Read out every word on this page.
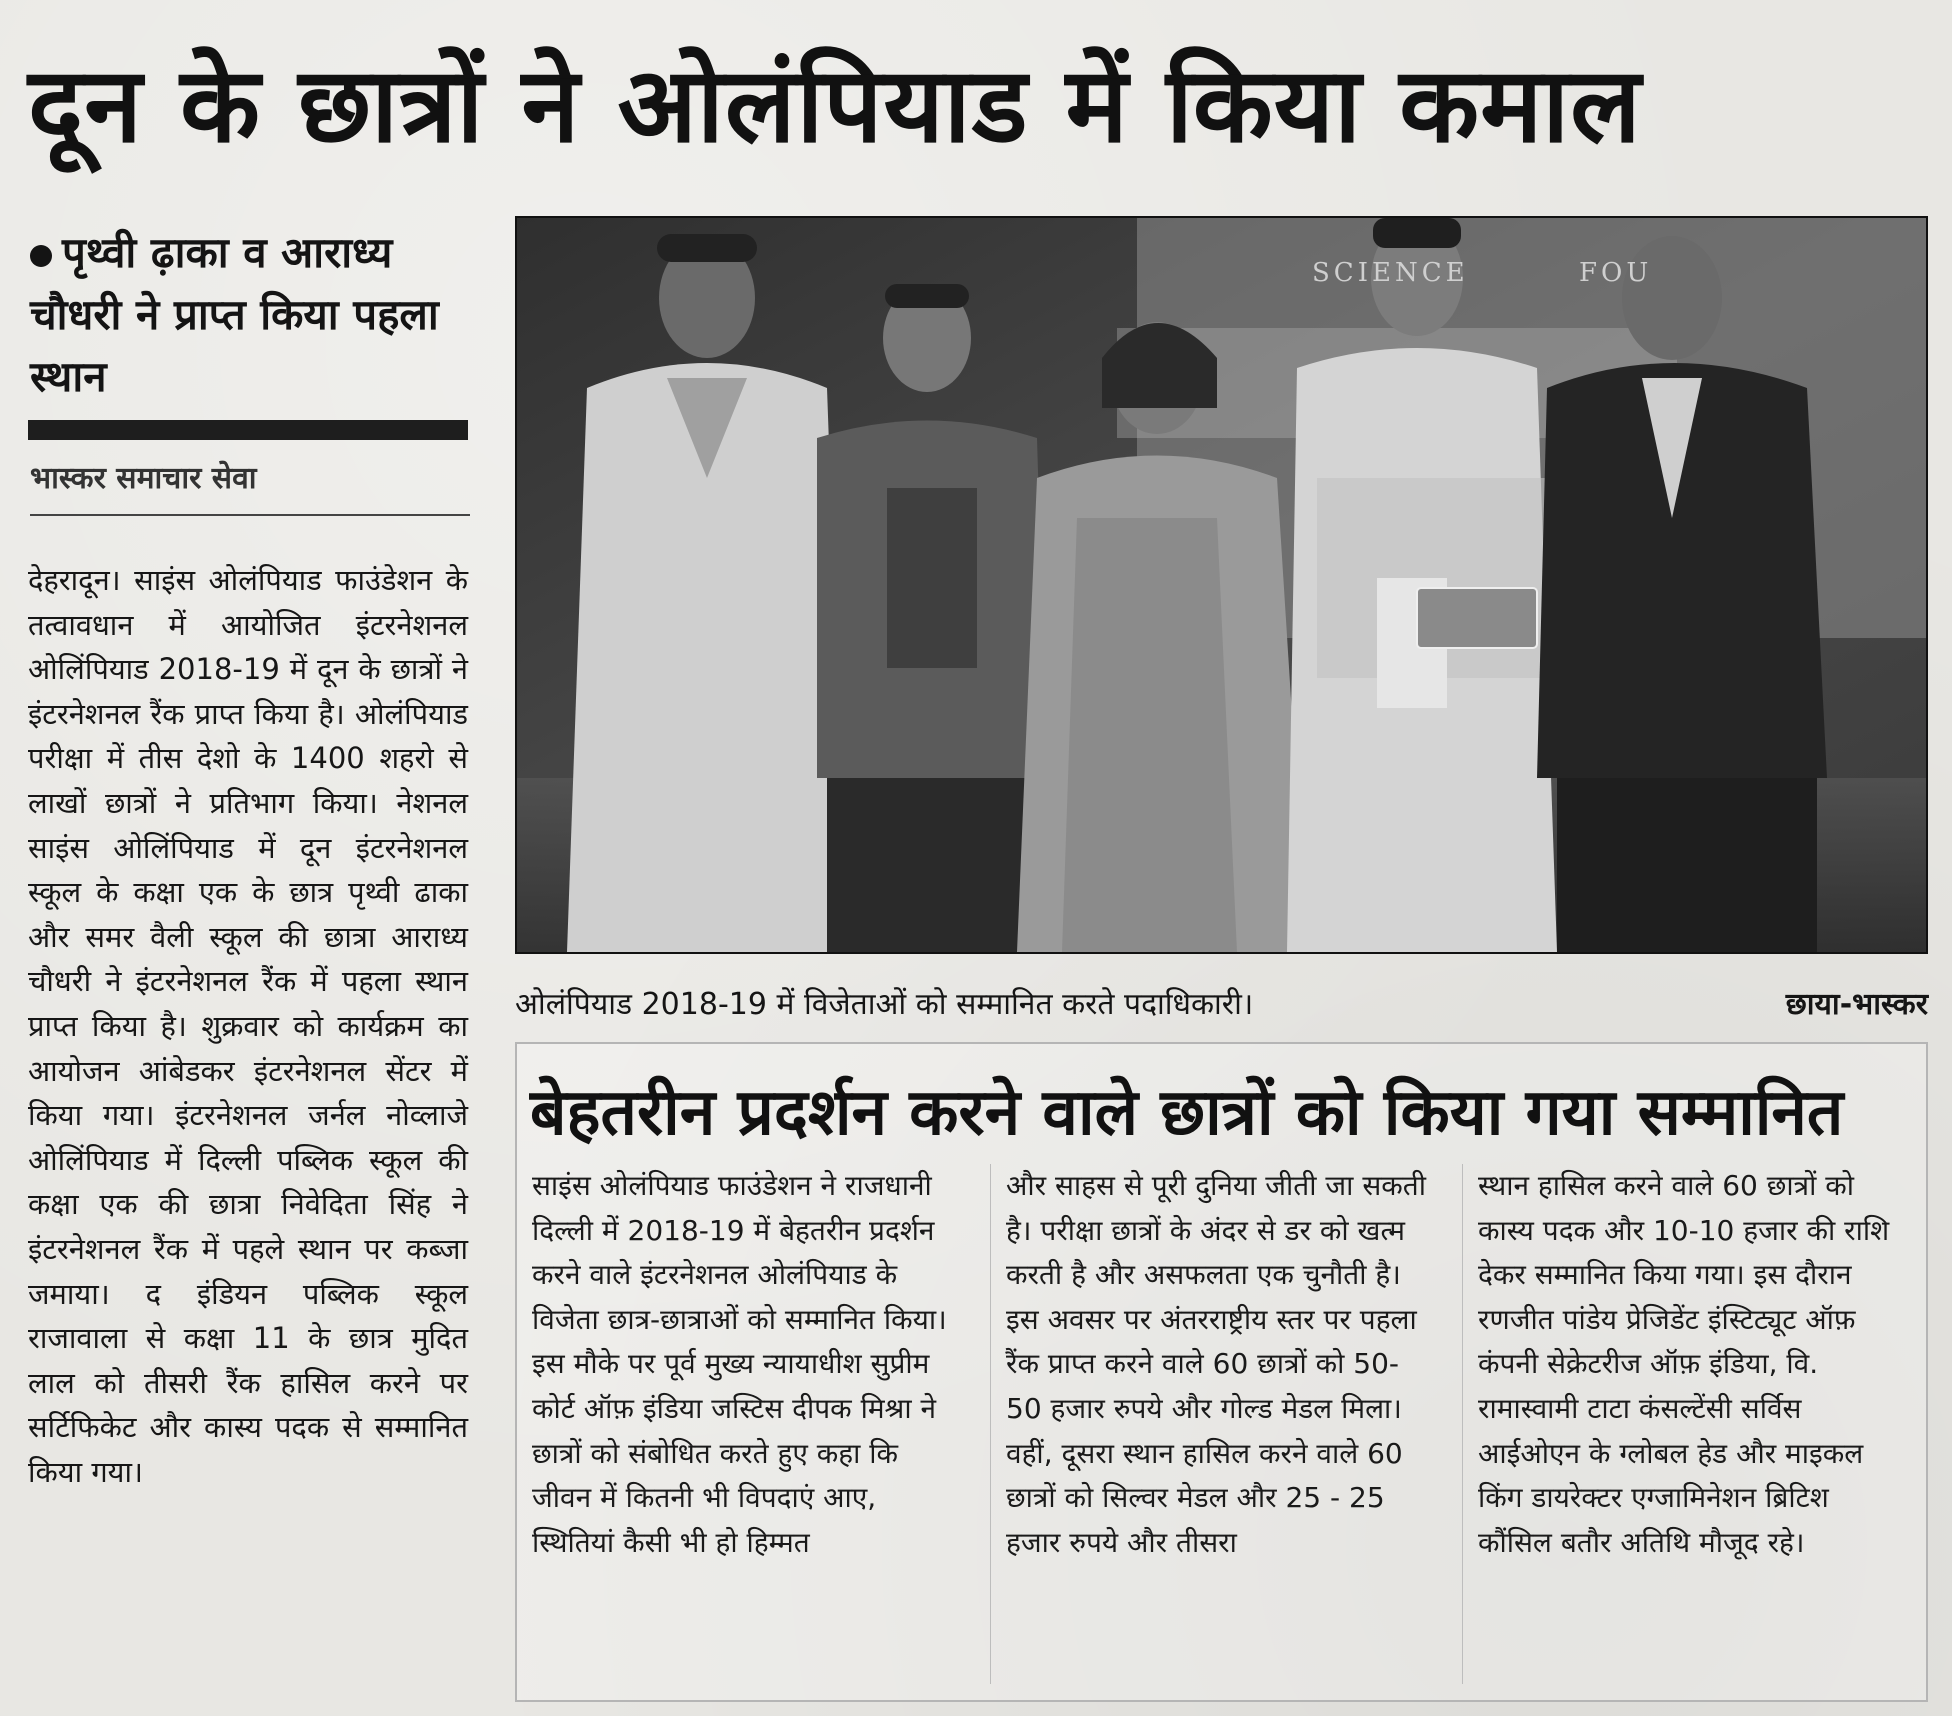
दून के छात्रों ने ओलंपियाड में किया कमाल
पृथ्वी ढ़ाका व आराध्य चौधरी ने प्राप्त किया पहला स्थान
भास्कर समाचार सेवा
देहरादून। साइंस ओलंपियाड फाउंडेशन के तत्वावधान में आयोजित इंटरनेशनल ओलिंपियाड 2018-19 में दून के छात्रों ने इंटरनेशनल रैंक प्राप्त किया है। ओलंपियाड परीक्षा में तीस देशो के 1400 शहरो से लाखों छात्रों ने प्रतिभाग किया। नेशनल साइंस ओलिंपियाड में दून इंटरनेशनल स्कूल के कक्षा एक के छात्र पृथ्वी ढाका और समर वैली स्कूल की छात्रा आराध्य चौधरी ने इंटरनेशनल रैंक में पहला स्थान प्राप्त किया है। शुक्रवार को कार्यक्रम का आयोजन आंबेडकर इंटरनेशनल सेंटर में किया गया। इंटरनेशनल जर्नल नोव्लाजे ओलिंपियाड में दिल्ली पब्लिक स्कूल की कक्षा एक की छात्रा निवेदिता सिंह ने इंटरनेशनल रैंक में पहले स्थान पर कब्जा जमाया। द इंडियन पब्लिक स्कूल राजावाला से कक्षा 11 के छात्र मुदित लाल को तीसरी रैंक हासिल करने पर सर्टिफिकेट और कास्य पदक से सम्मानित किया गया।
SCIENCE	FOU
ओलंपियाड 2018-19 में विजेताओं को सम्मानित करते पदाधिकारी।	छाया-भास्कर
बेहतरीन प्रदर्शन करने वाले छात्रों को किया गया सम्मानित
साइंस ओलंपियाड फाउंडेशन ने राजधानी दिल्ली में 2018-19 में बेहतरीन प्रदर्शन करने वाले इंटरनेशनल ओलंपियाड के विजेता छात्र-छात्राओं को सम्मानित किया। इस मौके पर पूर्व मुख्य न्यायाधीश सुप्रीम कोर्ट ऑफ़ इंडिया जस्टिस दीपक मिश्रा ने छात्रों को संबोधित करते हुए कहा कि जीवन में कितनी भी विपदाएं आए, स्थितियां कैसी भी हो हिम्मत
और साहस से पूरी दुनिया जीती जा सकती है। परीक्षा छात्रों के अंदर से डर को खत्म करती है और असफलता एक चुनौती है। इस अवसर पर अंतरराष्ट्रीय स्तर पर पहला रैंक प्राप्त करने वाले 60 छात्रों को 50-50 हजार रुपये और गोल्ड मेडल मिला। वहीं, दूसरा स्थान हासिल करने वाले 60 छात्रों को सिल्वर मेडल और 25 - 25 हजार रुपये और तीसरा
स्थान हासिल करने वाले 60 छात्रों को कास्य पदक और 10-10 हजार की राशि देकर सम्मानित किया गया। इस दौरान रणजीत पांडेय प्रेजिडेंट इंस्टिट्यूट ऑफ़ कंपनी सेक्रेटरीज ऑफ़ इंडिया, वि. रामास्वामी टाटा कंसल्टेंसी सर्विस आईओएन के ग्लोबल हेड और माइकल किंग डायरेक्टर एग्जामिनेशन ब्रिटिश कौंसिल बतौर अतिथि मौजूद रहे।
